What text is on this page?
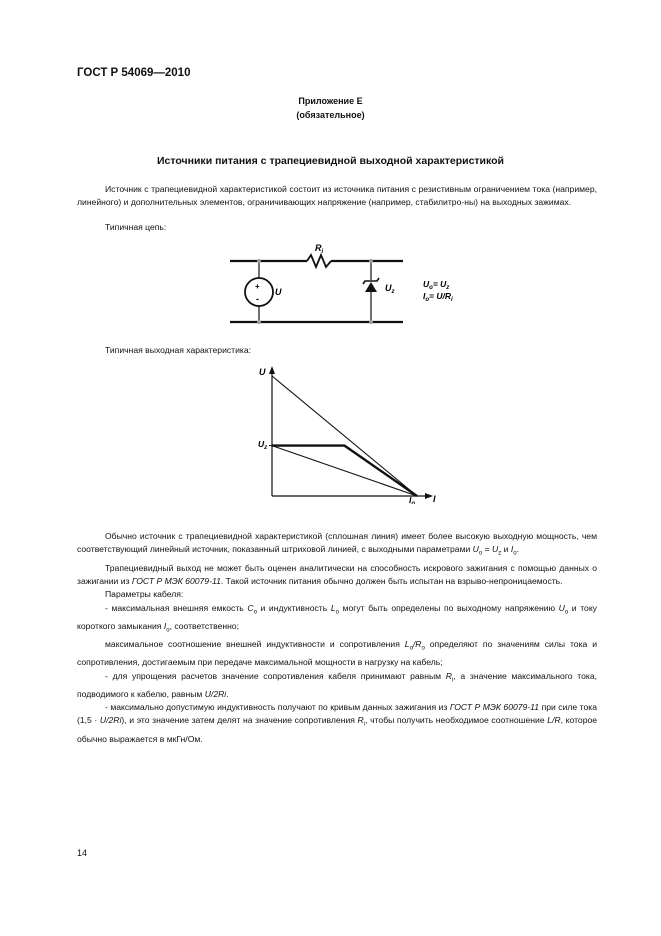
ГОСТ Р 54069—2010
Приложение Е
(обязательное)
Источники питания с трапециевидной выходной характеристикой

Источник с трапециевидной характеристикой состоит из источника питания с резистивным ограничением тока (например, линейного) и дополнительных элементов, ограничивающих напряжение (например, стабилитро-ны) на выходных зажимах.

Типичная цепь:
+
-
$R_i$
U	$U_z$
$U_o= U_z$
$I_o= U/R_i$
Типичная выходная характеристика:
U
I
$U_z$
$I_o$

Обычно источник с трапециевидной характеристикой (сплошная линия) имеет более высокую выходную мощность, чем соответствующий линейный источник, показанный штриховой линией, с выходными параметрами $U_o = U_z$ и $I_o$.

Трапециевидный выход не может быть оценен аналитически на способность искрового зажигания с помощью данных о зажигании из ГОСТ Р МЭК 60079-11. Такой источник питания обычно должен быть испытан на взрыво-непроницаемость.

Параметры кабеля:

- максимальная внешняя емкость $C_o$ и индуктивность $L_o$ могут быть определены по выходному напряжению $U_o$ и току короткого замыкания $I_o$, соответственно;

максимальное соотношение внешней индуктивности и сопротивления $L_o/R_o$ определяют по значениям силы тока и сопротивления, достигаемым при передаче максимальной мощности в нагрузку на кабель;

- для упрощения расчетов значение сопротивления кабеля принимают равным $R_i$, а значение максимального тока, подводимого к кабелю, равным U/2Ri.

- максимально допустимую индуктивность получают по кривым данных зажигания из ГОСТ Р МЭК 60079-11 при силе тока (1,5 · U/2Ri), и это значение затем делят на значение сопротивления $R_i$, чтобы получить необходимое соотношение L/R, которое обычно выражается в мкГн/Ом.

14
